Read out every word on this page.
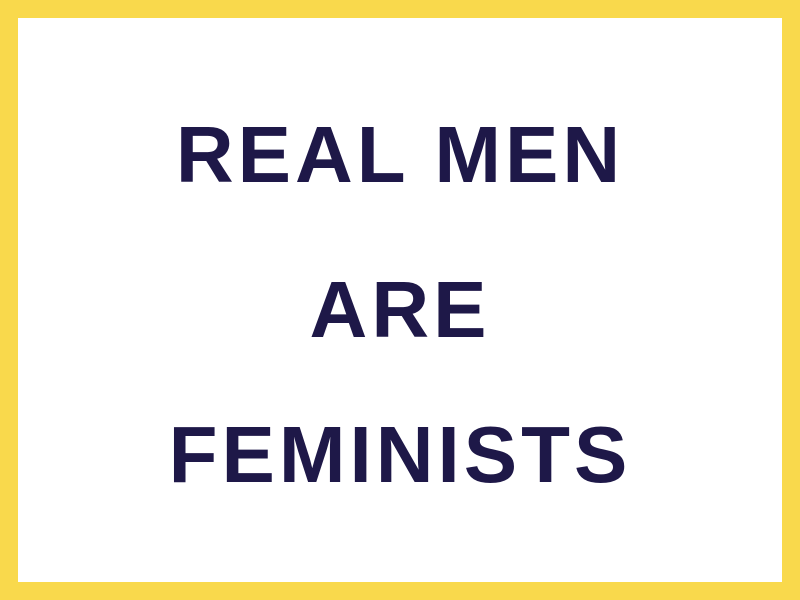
REAL MEN
ARE
FEMINISTS
